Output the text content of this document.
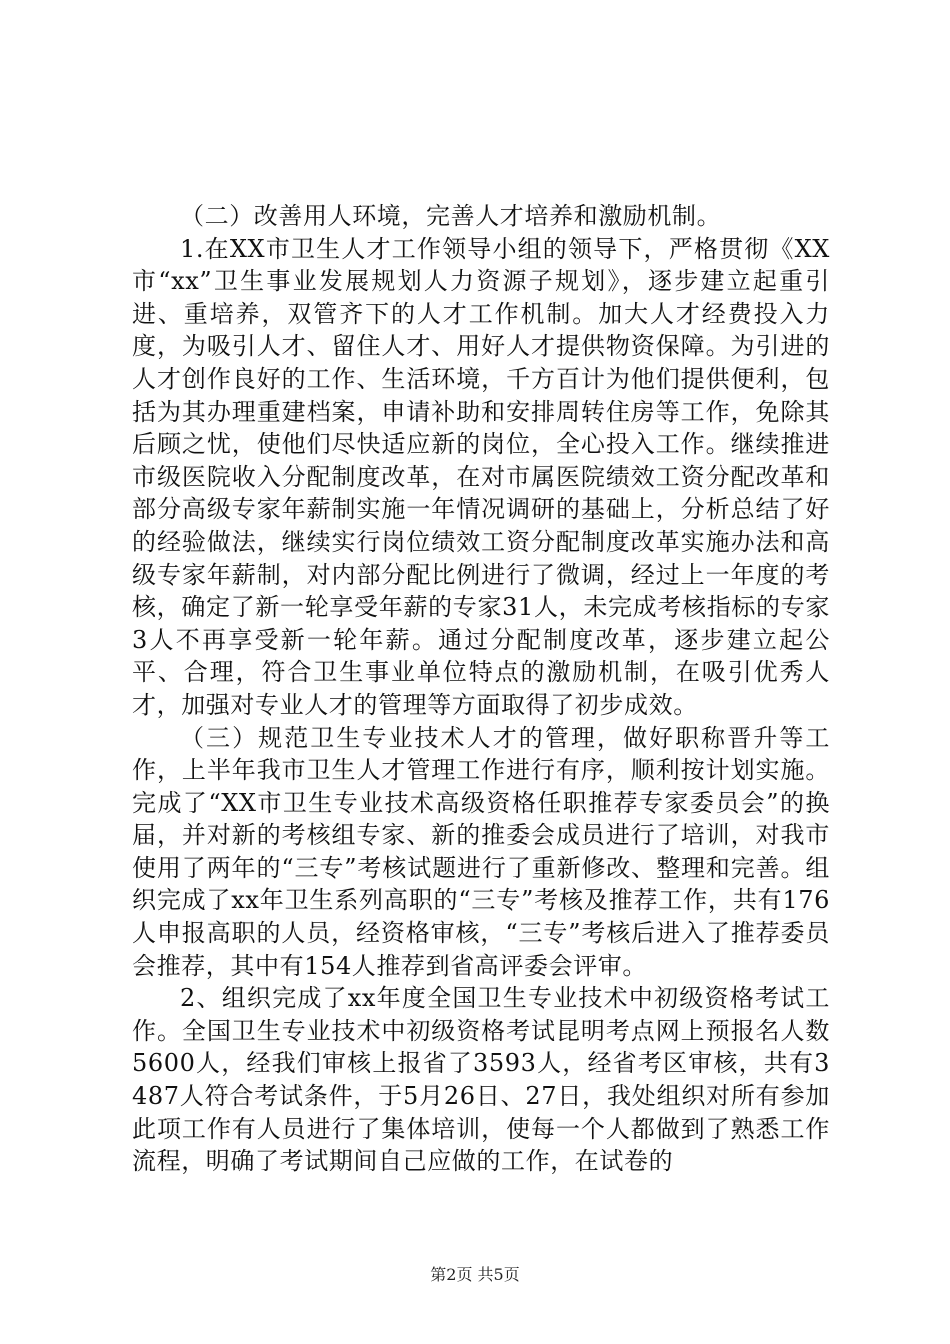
（二）改善用人环境，完善人才培养和激励机制。

1.在XX市卫生人才工作领导小组的领导下，严格贯彻《XX市“xx”卫生事业发展规划人力资源子规划》，逐步建立起重引进、重培养，双管齐下的人才工作机制。加大人才经费投入力度，为吸引人才、留住人才、用好人才提供物资保障。为引进的人才创作良好的工作、生活环境，千方百计为他们提供便利，包括为其办理重建档案，申请补助和安排周转住房等工作，免除其后顾之忧，使他们尽快适应新的岗位，全心投入工作。继续推进市级医院收入分配制度改革，在对市属医院绩效工资分配改革和部分高级专家年薪制实施一年情况调研的基础上，分析总结了好的经验做法，继续实行岗位绩效工资分配制度改革实施办法和高级专家年薪制，对内部分配比例进行了微调，经过上一年度的考核，确定了新一轮享受年薪的专家31人，未完成考核指标的专家3人不再享受新一轮年薪。通过分配制度改革，逐步建立起公平、合理，符合卫生事业单位特点的激励机制，在吸引优秀人才，加强对专业人才的管理等方面取得了初步成效。

（三）规范卫生专业技术人才的管理，做好职称晋升等工作，上半年我市卫生人才管理工作进行有序，顺利按计划实施。完成了“XX市卫生专业技术高级资格任职推荐专家委员会”的换届，并对新的考核组专家、新的推委会成员进行了培训，对我市使用了两年的“三专”考核试题进行了重新修改、整理和完善。组织完成了xx年卫生系列高职的“三专”考核及推荐工作，共有176人申报高职的人员，经资格审核，“三专”考核后进入了推荐委员会推荐，其中有154人推荐到省高评委会评审。

2、组织完成了xx年度全国卫生专业技术中初级资格考试工作。全国卫生专业技术中初级资格考试昆明考点网上预报名人数5600人，经我们审核上报省了3593人，经省考区审核，共有3487人符合考试条件，于5月26日、27日，我处组织对所有参加此项工作有人员进行了集体培训，使每一个人都做到了熟悉工作流程，明确了考试期间自己应做的工作，在试卷的

第2页 共5页
